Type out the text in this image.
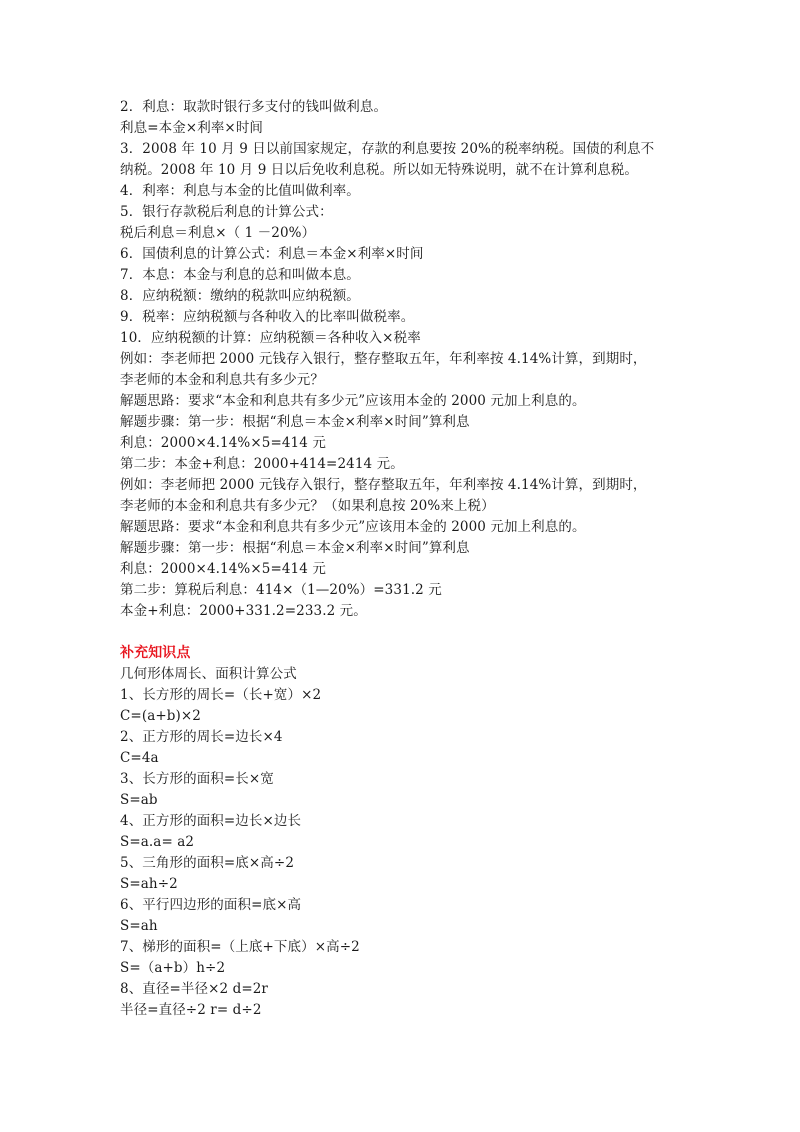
2．利息：取款时银行多支付的钱叫做利息。
利息=本金×利率×时间
3．2008 年 10 月 9 日以前国家规定，存款的利息要按 20%的税率纳税。国债的利息不
纳税。2008 年 10 月 9 日以后免收利息税。所以如无特殊说明，就不在计算利息税。
4．利率：利息与本金的比值叫做利率。
5．银行存款税后利息的计算公式：
税后利息＝利息×（ 1 －20%）
6．国债利息的计算公式：利息＝本金×利率×时间
7．本息：本金与利息的总和叫做本息。
8．应纳税额：缴纳的税款叫应纳税额。
9．税率：应纳税额与各种收入的比率叫做税率。
10．应纳税额的计算：应纳税额＝各种收入×税率
例如：李老师把 2000 元钱存入银行，整存整取五年，年利率按 4.14%计算，到期时，
李老师的本金和利息共有多少元？
解题思路：要求“本金和利息共有多少元”应该用本金的 2000 元加上利息的。
解题步骤：第一步：根据“利息＝本金×利率×时间”算利息
利息：2000×4.14%×5=414 元
第二步：本金+利息：2000+414=2414 元。
例如：李老师把 2000 元钱存入银行，整存整取五年，年利率按 4.14%计算，到期时，
李老师的本金和利息共有多少元？（如果利息按 20%来上税）
解题思路：要求“本金和利息共有多少元”应该用本金的 2000 元加上利息的。
解题步骤：第一步：根据“利息＝本金×利率×时间”算利息
利息：2000×4.14%×5=414 元
第二步：算税后利息：414×（1—20%）=331.2 元
本金+利息：2000+331.2=233.2 元。
补充知识点
几何形体周长、面积计算公式
1、长方形的周长=（长+宽）×2
C=(a+b)×2
2、正方形的周长=边长×4
C=4a
3、长方形的面积=长×宽
S=ab
4、正方形的面积=边长×边长
S=a.a= a2
5、三角形的面积=底×高÷2
S=ah÷2
6、平行四边形的面积=底×高
S=ah
7、梯形的面积=（上底+下底）×高÷2
S=（a+b）h÷2
8、直径=半径×2 d=2r
半径=直径÷2 r= d÷2
